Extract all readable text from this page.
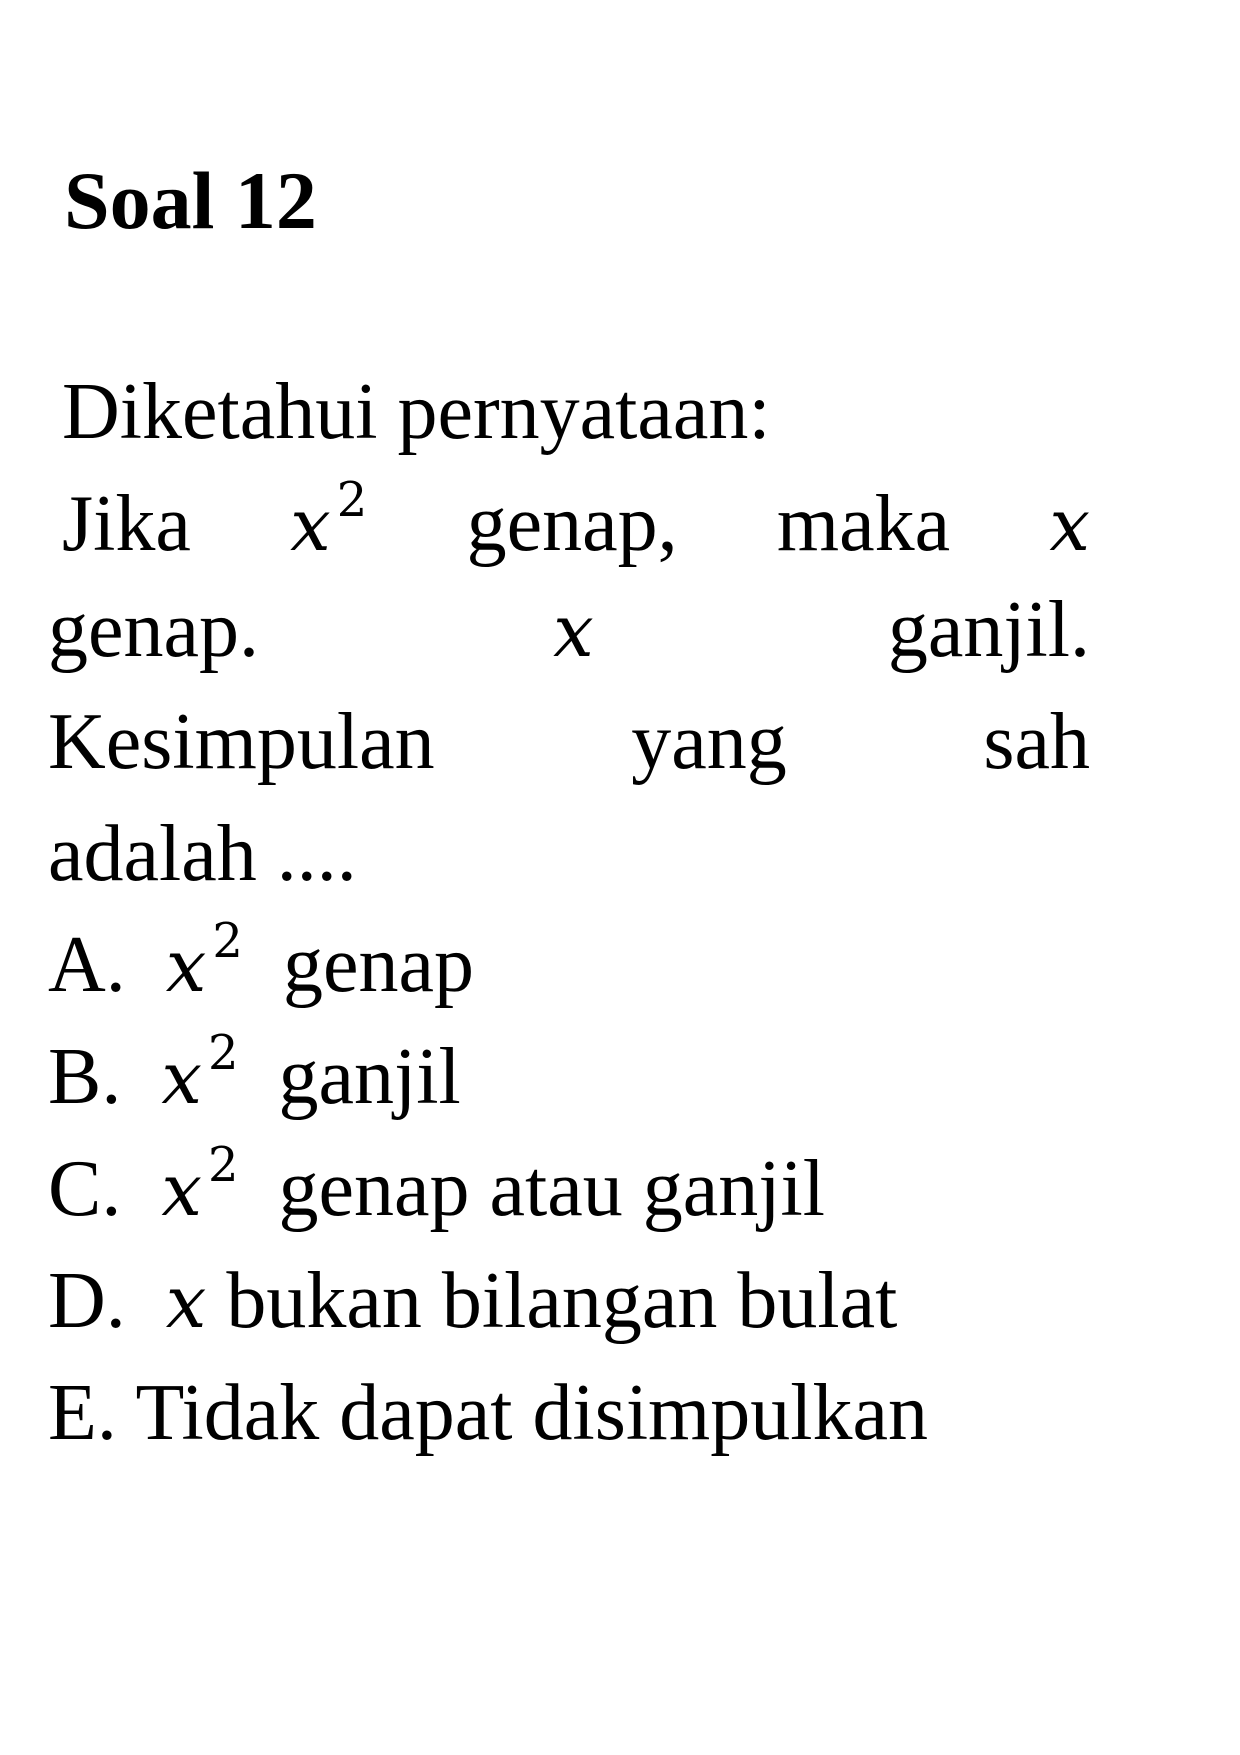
Soal 12
Diketahui pernyataan:
Jika x $^2$ genap, maka x
genap.	x	ganjil.
Kesimpulan yang sah
adalah ....
A. x $^2$ genap
B. x $^2$ ganjil
C. x $^2$ genap atau ganjil
D. x bukan bilangan bulat
E. Tidak dapat disimpulkan
